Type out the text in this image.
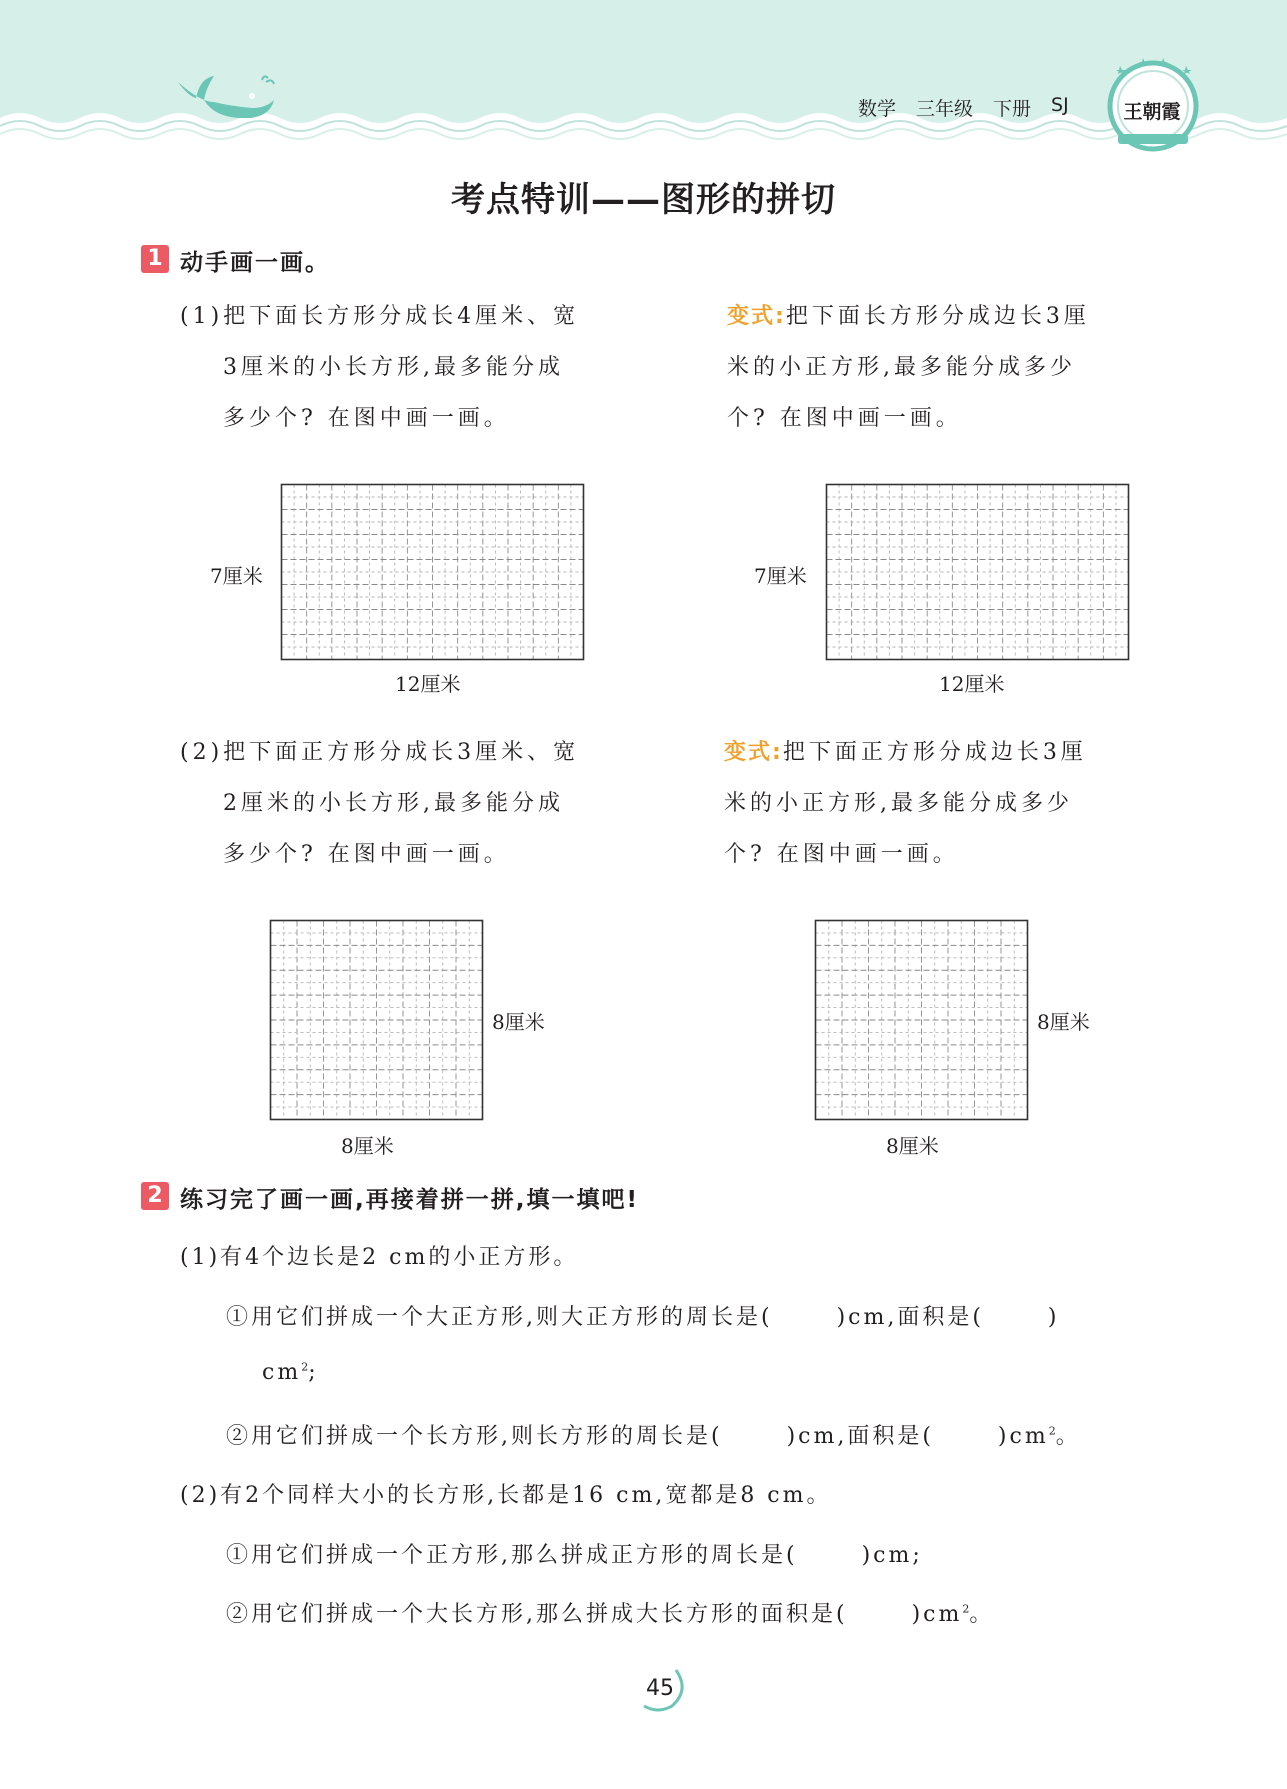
数学 三年级 下册 SJ	王朝霞
考点特训——图形的拼切
1 动手画一画。
(1)把下面长方形分成长4厘米、宽
3厘米的小长方形,最多能分成
多少个? 在图中画一画。
变式:把下面长方形分成边长3厘
米的小正方形,最多能分成多少
个? 在图中画一画。
7厘米
12厘米
7厘米
12厘米
(2)把下面正方形分成长3厘米、宽
2厘米的小长方形,最多能分成
多少个? 在图中画一画。
变式:把下面正方形分成边长3厘
米的小正方形,最多能分成多少
个? 在图中画一画。
8厘米
8厘米
8厘米
8厘米
2 练习完了画一画,再接着拼一拼,填一填吧!
(1)有4个边长是2 cm的小正方形。
①用它们拼成一个大正方形,则大正方形的周长是(	)cm,面积是(	)
$cm^2$;
②用它们拼成一个长方形,则长方形的周长是(	)cm,面积是(	)$cm^2$。
(2)有2个同样大小的长方形,长都是16 cm,宽都是8 cm。
①用它们拼成一个正方形,那么拼成正方形的周长是(	)cm;
②用它们拼成一个大长方形,那么拼成大长方形的面积是(	)$cm^2$。
45
